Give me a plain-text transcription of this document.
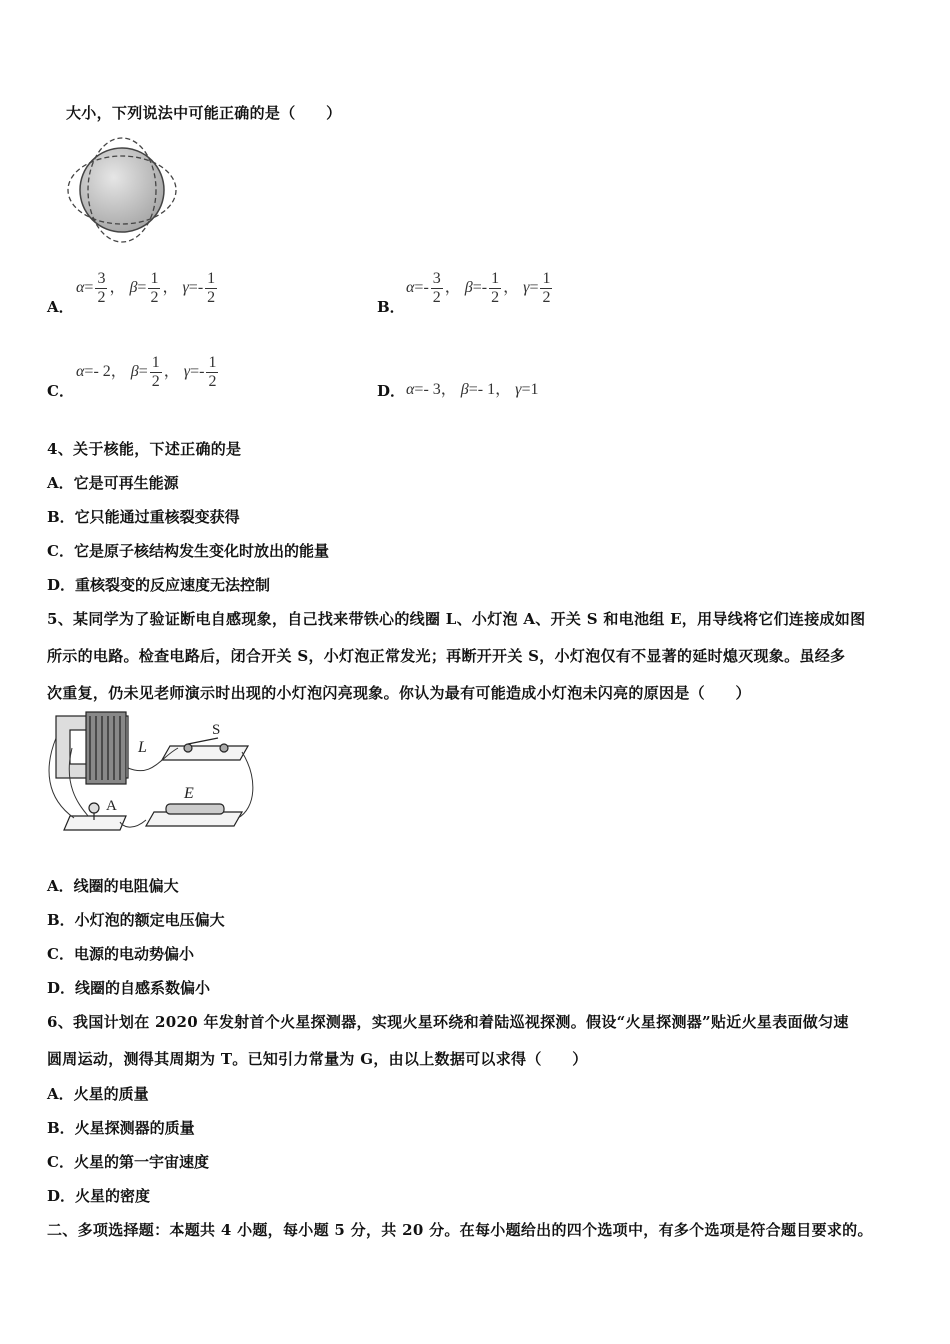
大小，下列说法中可能正确的是（　　）
A．
$\alpha= \frac{3}{2}$ ， $\beta= \frac{1}{2}$ ， $\gamma=- \frac{1}{2}$	B．
$\alpha=- \frac{3}{2}$ ， $\beta=- \frac{1}{2}$ ， $\gamma= \frac{1}{2}$
C．
α=- 2， $\beta= \frac{1}{2}$ ， $\gamma=- \frac{1}{2}$	D． α=- 3， β=- 1， γ=1
4、关于核能，下述正确的是
A．它是可再生能源
B．它只能通过重核裂变获得
C．它是原子核结构发生变化时放出的能量
D．重核裂变的反应速度无法控制
5、某同学为了验证断电自感现象，自己找来带铁心的线圈 L、小灯泡 A、开关 S 和电池组 E，用导线将它们连接成如图
所示的电路。检查电路后，闭合开关 S，小灯泡正常发光；再断开开关 S，小灯泡仅有不显著的延时熄灭现象。虽经多
次重复，仍未见老师演示时出现的小灯泡闪亮现象。你认为最有可能造成小灯泡未闪亮的原因是（　　）
L
S
E
A
A．线圈的电阻偏大
B．小灯泡的额定电压偏大
C．电源的电动势偏小
D．线圈的自感系数偏小
6、我国计划在 2020 年发射首个火星探测器，实现火星环绕和着陆巡视探测。假设“火星探测器”贴近火星表面做匀速
圆周运动，测得其周期为 T。已知引力常量为 G，由以上数据可以求得（　　）
A．火星的质量
B．火星探测器的质量
C．火星的第一宇宙速度
D．火星的密度
二、多项选择题：本题共 4 小题，每小题 5 分，共 20 分。在每小题给出的四个选项中，有多个选项是符合题目要求的。
